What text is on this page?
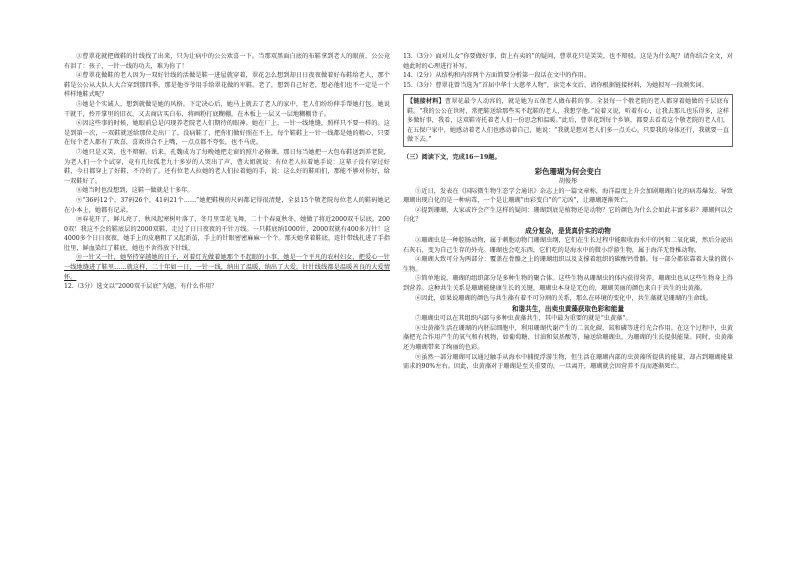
③曹翠花就把做鞋的针线找了出来，只为让病中的公公欢喜一下。当那双黑面白底的布鞋拿到老人的眼前，公公竟有泪了：孩子，一针一线的功夫，难为你了！

④曹翠花做鞋的老人因为一双好针线的活做是鞋一进屋就穿着，翠花怎么想到却日日夜夜做着好布鞋给老人，那个鞋是公公从大队人大合穿到那四季，那是他爷爷用手给翠花做的军鞋。老了，想到自己好老，想必他们也不一定是一个样样地鞋式呢？

⑤她是个实诚人，想到就做是她的风格。下定决心后，她马上就去了老人的家中，老人们纷纷伸手帮她打包。她说干就干，拎开掌里的旧衣，又去商店买白布，将画粉打底糊棚，在木板上一层又一层地糊棚背子。

⑥因这些事的时候，她眼前总是闪现养老院老人们期待的眼神。她在厂上，一针一线地缝，照样只不要一样的。这是到第一次，一双鞋就送给那位走出厂了，没病鞋了，把你们做好照在不上，每个鞋鞋上一针一线都是她的精心，只要在每个老人都有了欢喜，喜欢得合不上嘴，一点点都不夸张，也不马虎。

⑦她只是又笑，也不辩解。后来，孔魏成为了每晚她把走窗的照片必修课。那日每当她把一大包布鞋送到养老院，为老人们一个个试穿，竟有几位孤老九十多岁的人哭出了声，曹大姐就说：有位老人拉着她手说：这辈子没有穿过好鞋，今日都穿上了好鞋，不冷的了。还有位老人拉她的老人们拉着她的手，说：这么好的鞋咱们，那能不够对你好，给一双鞋好了。

⑧她当时也没想到，这鞋一做就是十多年。

⑨“36码12个，37码26个，41码21个……”她把鞋模的尺码都记得很清楚，全县15个敬老院每位老人的鞋码她记在小本上，她都有记录。

⑩春花开了，鲜儿亮了，秋风起寒树叶落了，冬月里雪花飞舞，二十个春夏秋冬，她做了将近2000双千层底。2000双！我这不会的鞋底层的2000双鞋，走过了日日夜夜的千针万线。一只鞋底纳1000针，2000双就有400多万针！这4000多个日日夜夜，她手上的皮磨粗了又起新茧，手上的针眼密密麻麻一个个。那天她拿着鞋底，连针带线扎进了手指肚里，鲜血染红了鞋底，她也不舍得放下针线。

⑪一针又一针，她坚持穿越她的日子，对着灯光做着她那个不起眼的小事，她是一个平凡的农村妇女，把爱心一针一线地缝进了鞋里……就这样，二十年如一日，一针一线，纳出了温暖，纳出了大爱，针针线线都是温暖善良的大爱情怀。

12.（3分）选文以“2000双千层底”为题，有什么作用？

13.（3分）面对儿女“你要做好事，街上有卖的”的疑问，曹翠花只是笑笑，也不辩驳。这是为什么呢？请你结合全文，对她此时的心理进行补写。

14.（2分）从结构和内容两个方面简要分析第一段话在文中的作用。

15.（3分）曹翠花曾当选为“首届中华十大慈孝人物”，读完本文后，请你根据链接材料，为她拟写一段颁奖词。

【链接材料】曹翠花最令人动容的，就是她为五保老人做布鞋的事。全县每一个敬老院的老人都穿着她做的千层底布鞋。“我的公公在世时，常把鞋送给那些买不起鞋的老人，我想学他。”说着又说，听着有心，让我去那儿也乐得多，这样多做好事，我看，这双鞋寄托着老人们一份思念和温暖。”此后，曹翠花到每个乡镇，都要去看看这个敬老院的老人们，在五保户家中，她感动着老人们也感动着自己，她说：“我就是想对老人们多一点关心，只要我的身体还行，我就要一直做下去。”

（三）阅读下文，完成16～19题。

彩色珊瑚为何会变白

胡俊彤

①近日，发表在《国际微生物生态学会通讯》杂志上的一篇文章称，海洋温度上升会加剧珊瑚白化的病毒爆发。导致珊瑚出现白化的是一种病毒，一个是让珊瑚“由彩变白”的“元凶”，让珊瑚逐渐死亡。

②提到珊瑚，大家或许会产生这样的疑问：珊瑚到底是植物还是动物？它的颜色为什么会如此丰富多彩？珊瑚何以会白化？

成分复杂，是货真价实的动物

③珊瑚虫是一种腔肠动物，属于刺胞动物门珊瑚虫纲，它们在生长过程中能吸收海水中的钙和二氧化碳，然后分泌出石灰石，变为自己生存的外壳。珊瑚也会吃东西，它们吃的是海水中的微小浮游生物，属于海洋无脊椎动物。

④珊瑚大致可分为两部分：覆盖在骨骼之上的珊瑚组织以及支撑着组织的碳酸钙骨骼。每一部分都依靠着大量的微小生物。

⑤简单地说，珊瑚的组织部分是多种生物的聚合体。这些生物从珊瑚虫的体内获得营养，珊瑚虫也从这些生物身上得到营养。这种共生关系是珊瑚能健康生长的关键，珊瑚虫本身是无色的，珊瑚美丽的颜色来自于共生的虫黄藻。

⑥因此，如果说珊瑚的颜色与共生藻有着不可分割的关系，那么在环境的变化中，共生藻就是珊瑚的生命线。

和谐共生，出卖虫黄藻获取色彩和能量

⑦珊瑚虫可以在其组织内部与多种虫黄藻共生，其中最为重要的就是“虫黄藻”。

⑧虫黄藻生活在珊瑚的内胚层细胞中，利用珊瑚代谢产生的二氧化碳、氮和磷等进行光合作用。在这个过程中，虫黄藻把光合作用产生的氧气和有机物，如葡萄糖、甘油和氨基酸等，输送给珊瑚虫，为珊瑚的生长提供能量。同时，虫黄藻还为珊瑚带来了绚丽的色彩。

⑨虽然一部分珊瑚可以通过触手从海水中捕捉浮游生物，但生活在珊瑚内部的虫黄藻所提供的能量，却占到珊瑚能量需求的90%左右。因此，虫黄藻对于珊瑚是至关重要的，一旦离开，珊瑚就会因营养不良而逐渐死亡。
